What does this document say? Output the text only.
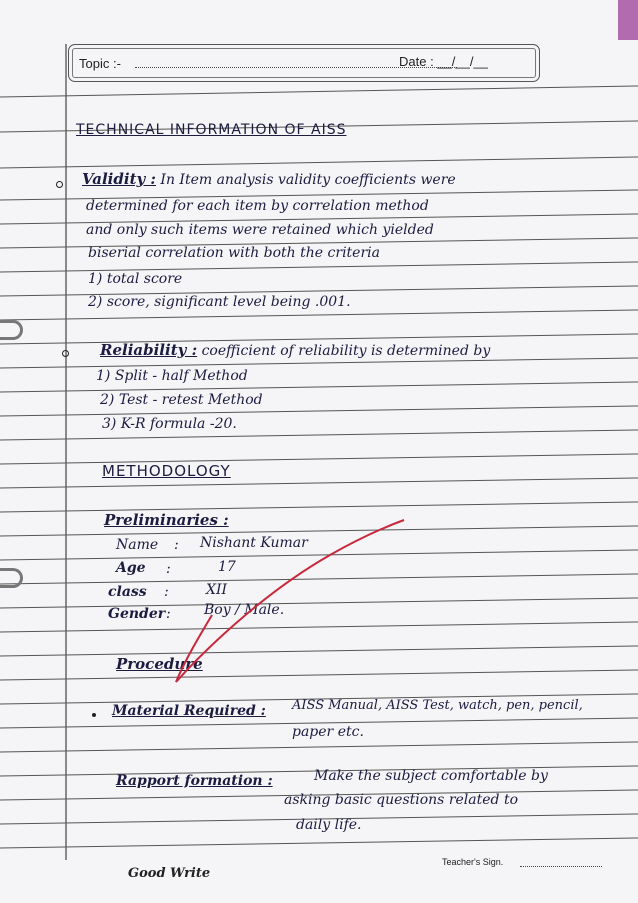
Topic :-	Date : __/__/__
TECHNICAL INFORMATION OF AISS
Validity : In Item analysis validity coefficients were
determined for each item by correlation method
and only such items were retained which yielded
biserial correlation with both the criteria
1) total score
2) score, significant level being .001.
Reliability : coefficient of reliability is determined by
1) Split - half Method
2) Test - retest Method
3) K-R formula -20.
METHODOLOGY
Preliminaries :
Name : Nishant Kumar
Age :	17
class :	XII
Gender : Boy / Male.
Procedure
Material Required : AISS Manual, AISS Test, watch, pen, pencil,
paper etc.
Rapport formation :	Make the subject comfortable by
asking basic questions related to
daily life.
Good Write
Teacher's Sign.
